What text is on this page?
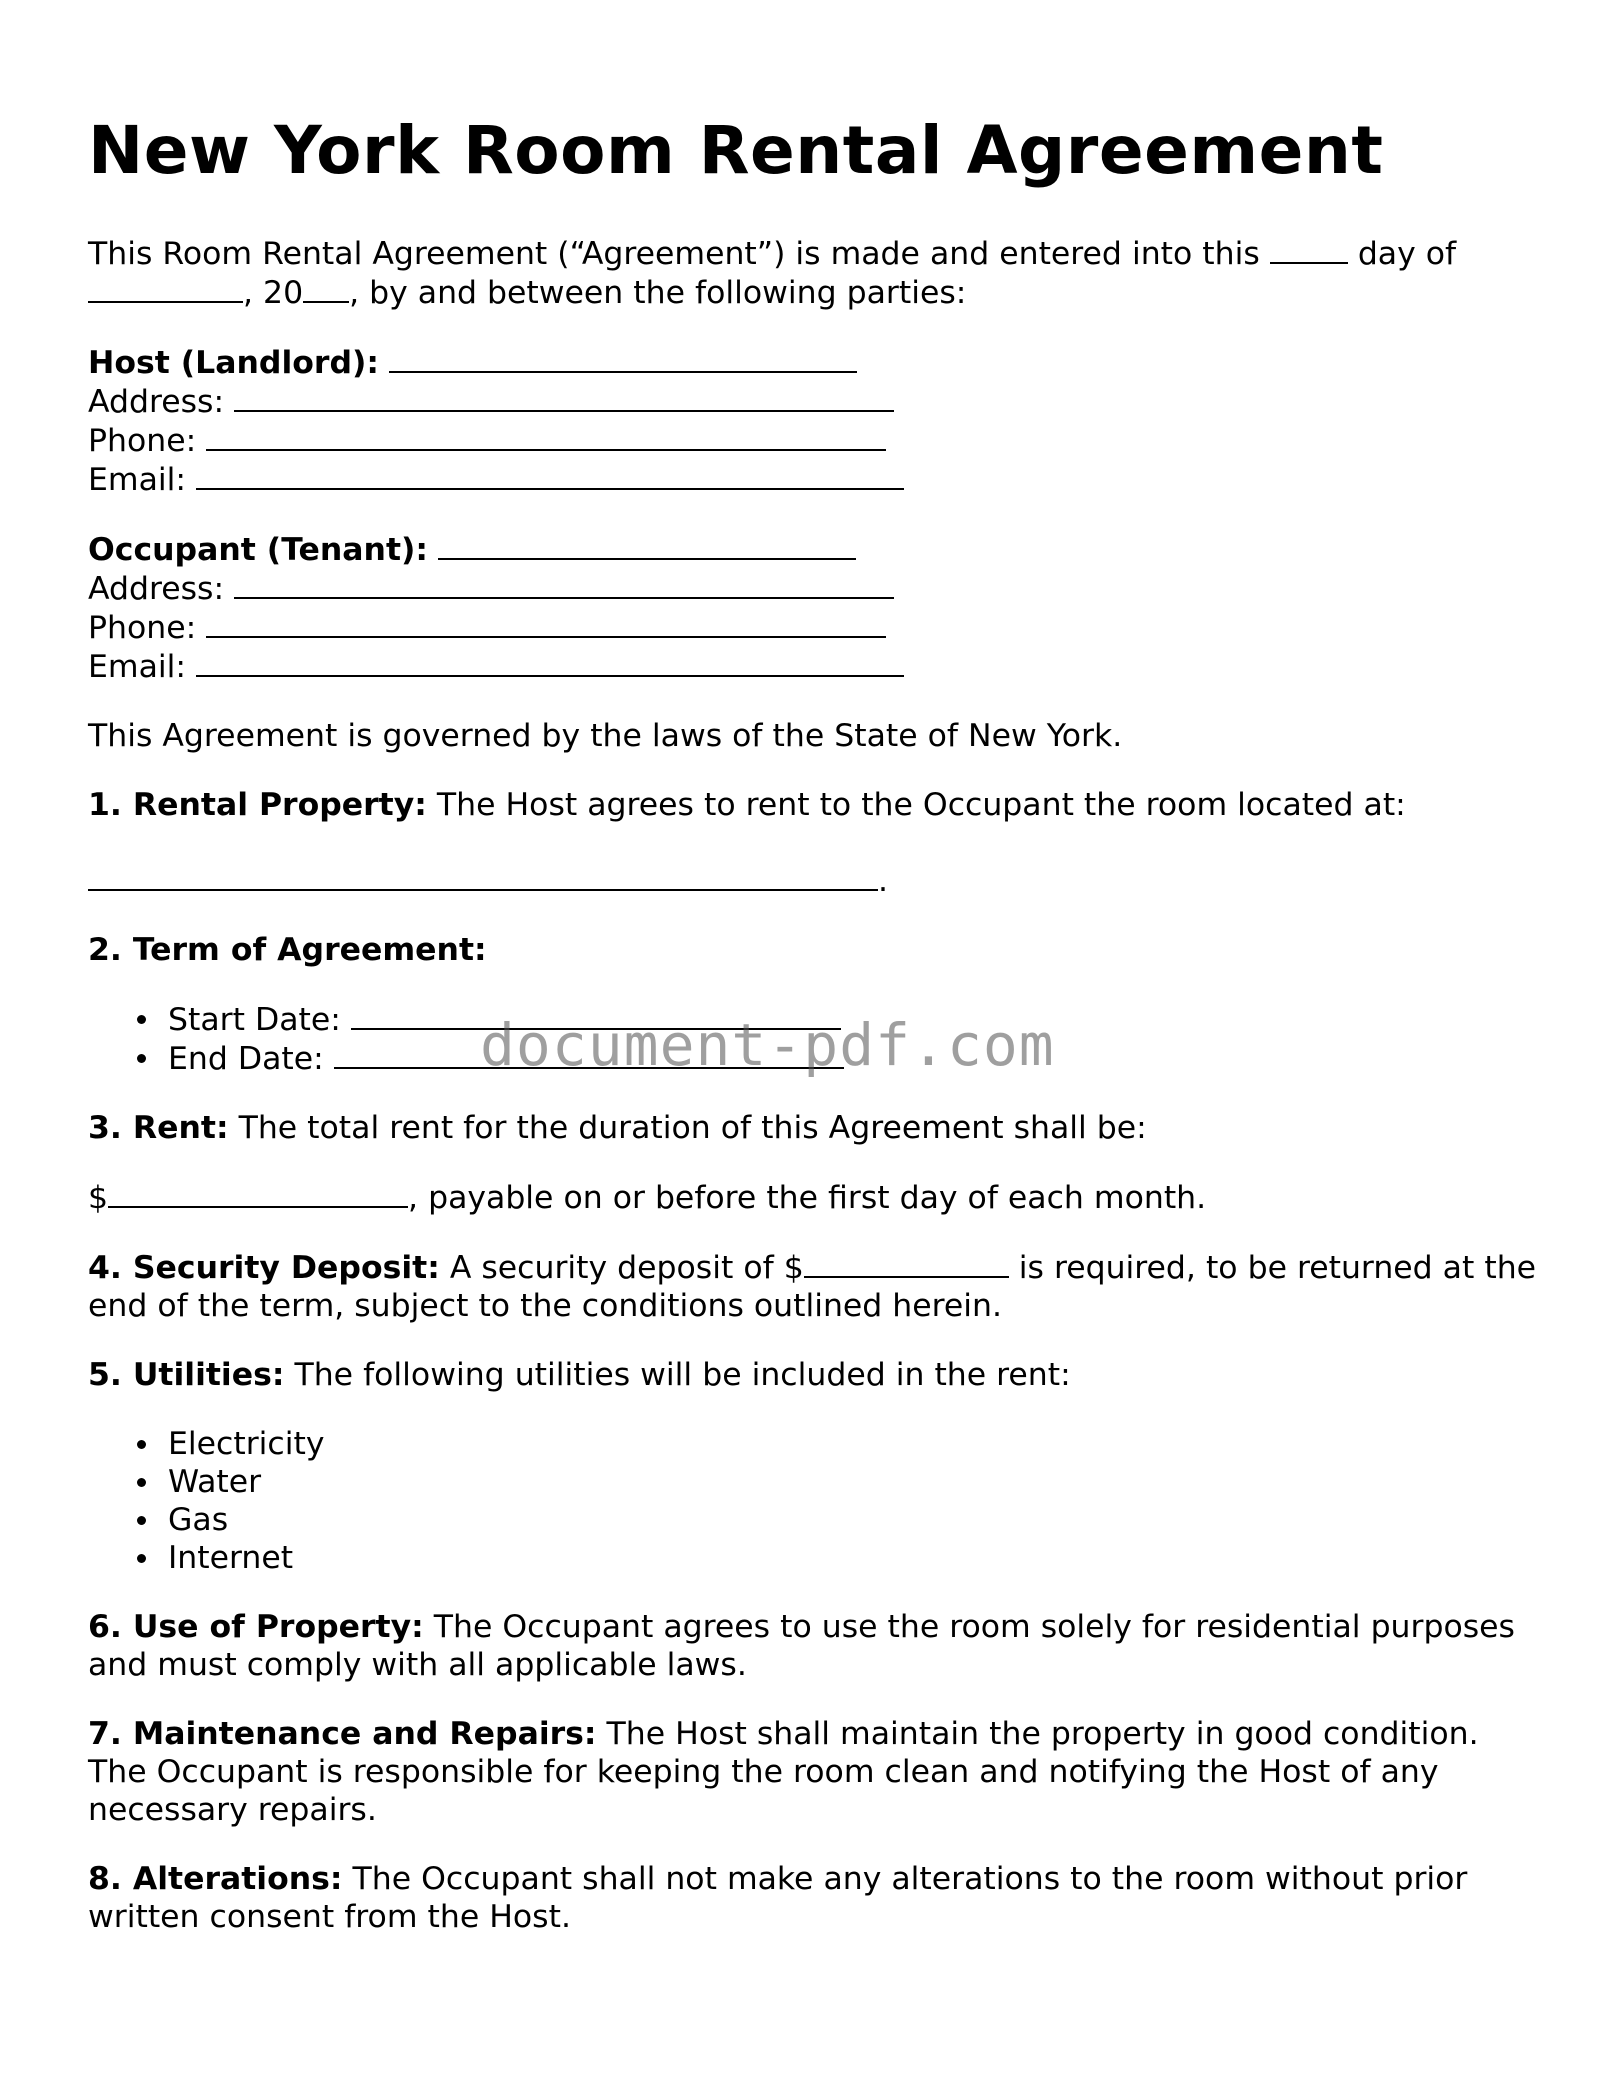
New York Room Rental Agreement

This Room Rental Agreement (“Agreement”) is made and entered into this	day of
, 20 , by and between the following parties:

Host (Landlord):
Address:
Phone:
Email:
Occupant (Tenant):
Address:
Phone:
Email:

This Agreement is governed by the laws of the State of New York.

1. Rental Property: The Host agrees to rent to the Occupant the room located at:

.

2. Term of Agreement:

Start Date:
End Date:

3. Rent: The total rent for the duration of this Agreement shall be:

$	, payable on or before the first day of each month.

4. Security Deposit: A security deposit of $	is required, to be returned at the end of the term, subject to the conditions outlined herein.

5. Utilities: The following utilities will be included in the rent:

Electricity
Water
Gas
Internet

6. Use of Property: The Occupant agrees to use the room solely for residential purposes and must comply with all applicable laws.

7. Maintenance and Repairs: The Host shall maintain the property in good condition. The Occupant is responsible for keeping the room clean and notifying the Host of any necessary repairs.

8. Alterations: The Occupant shall not make any alterations to the room without prior written consent from the Host.

document-pdf.com
